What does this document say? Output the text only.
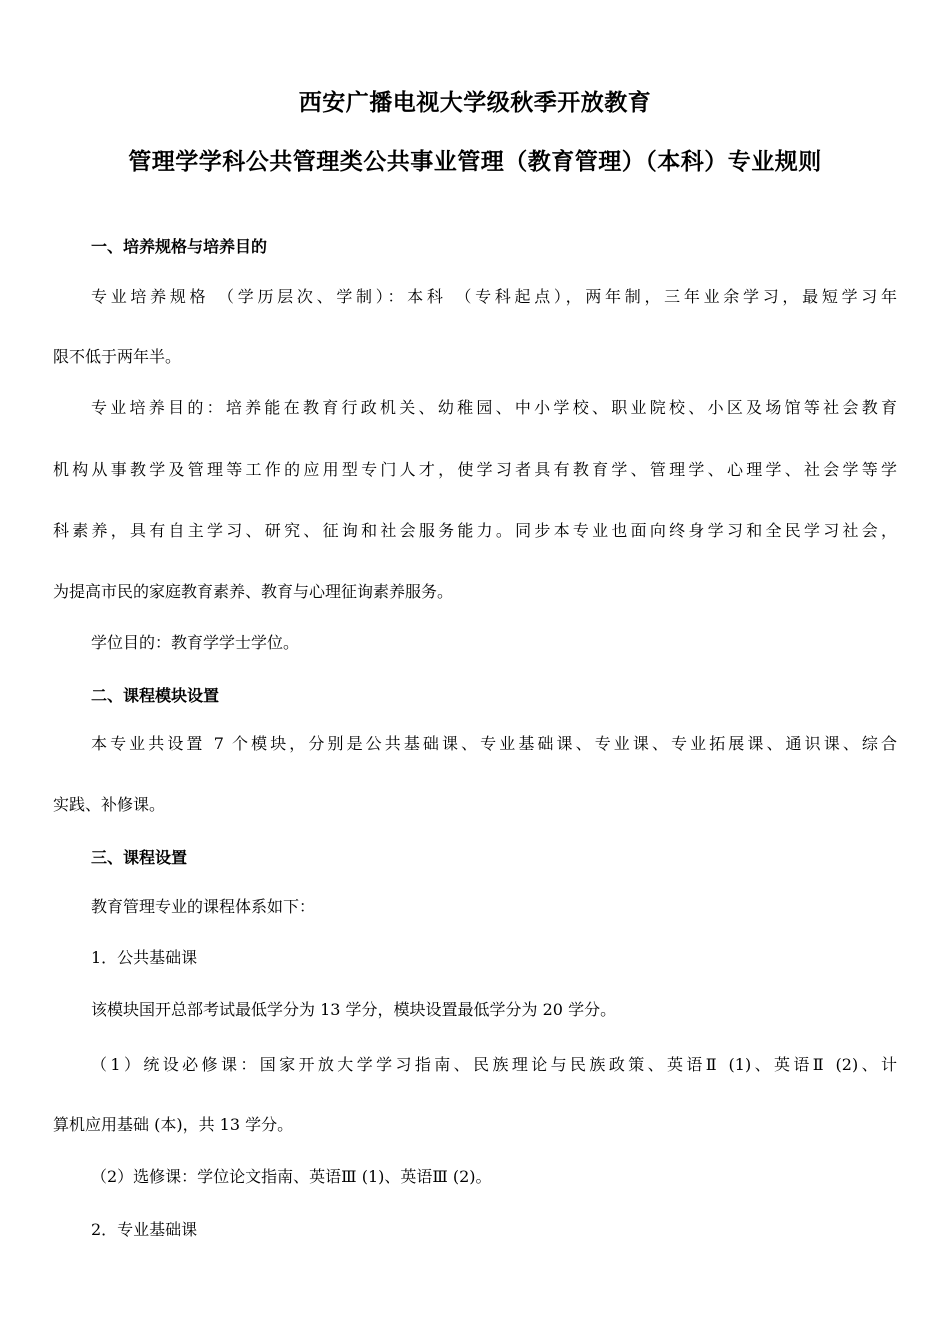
西安广播电视大学级秋季开放教育
管理学学科公共管理类公共事业管理（教育管理）（本科）专业规则
一、培养规格与培养目的
专业培养规格 （学历层次、学制）：本科 （专科起点），两年制，三年业余学习，最短学习年
限不低于两年半。
专业培养目的：培养能在教育行政机关、幼稚园、中小学校、职业院校、小区及场馆等社会教育
机构从事教学及管理等工作的应用型专门人才，使学习者具有教育学、管理学、心理学、社会学等学
科素养，具有自主学习、研究、征询和社会服务能力。同步本专业也面向终身学习和全民学习社会，
为提高市民的家庭教育素养、教育与心理征询素养服务。
学位目的：教育学学士学位。
二、课程模块设置
本专业共设置 7 个模块，分别是公共基础课、专业基础课、专业课、专业拓展课、通识课、综合
实践、补修课。
三、课程设置
教育管理专业的课程体系如下：
1．公共基础课
该模块国开总部考试最低学分为 13 学分，模块设置最低学分为 20 学分。
（1）统设必修课：国家开放大学学习指南、民族理论与民族政策、英语Ⅱ (1)、英语Ⅱ (2)、计
算机应用基础 (本)，共 13 学分。
（2）选修课：学位论文指南、英语Ⅲ (1)、英语Ⅲ (2)。
2．专业基础课
